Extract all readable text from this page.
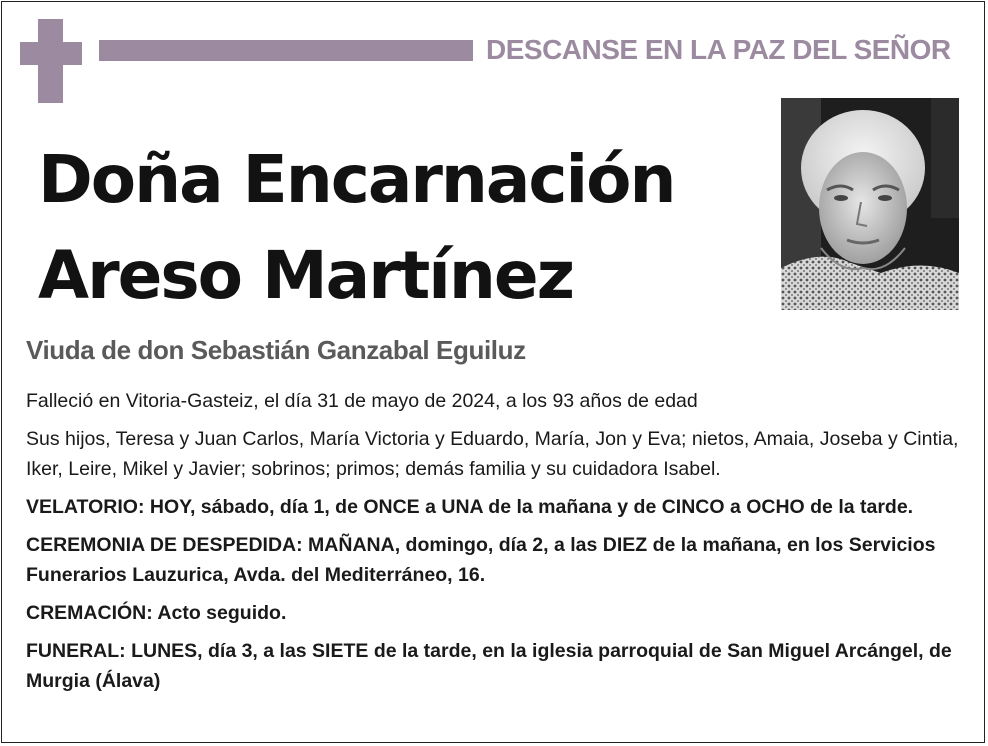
DESCANSE EN LA PAZ DEL SEÑOR
Doña Encarnación
Areso Martínez
Viuda de don Sebastián Ganzabal Eguiluz

Falleció en Vitoria-Gasteiz, el día 31 de mayo de 2024, a los 93 años de edad

Sus hijos, Teresa y Juan Carlos, María Victoria y Eduardo, María, Jon y Eva; nietos, Amaia, Joseba y Cintia, Iker, Leire, Mikel y Javier; sobrinos; primos; demás familia y su cuidadora Isabel.

VELATORIO: HOY, sábado, día 1, de ONCE a UNA de la mañana y de CINCO a OCHO de la tarde.

CEREMONIA DE DESPEDIDA: MAÑANA, domingo, día 2, a las DIEZ de la mañana, en los Servicios Funerarios Lauzurica, Avda. del Mediterráneo, 16.

CREMACIÓN: Acto seguido.

FUNERAL: LUNES, día 3, a las SIETE de la tarde, en la iglesia parroquial de San Miguel Arcángel, de Murgia (Álava)
